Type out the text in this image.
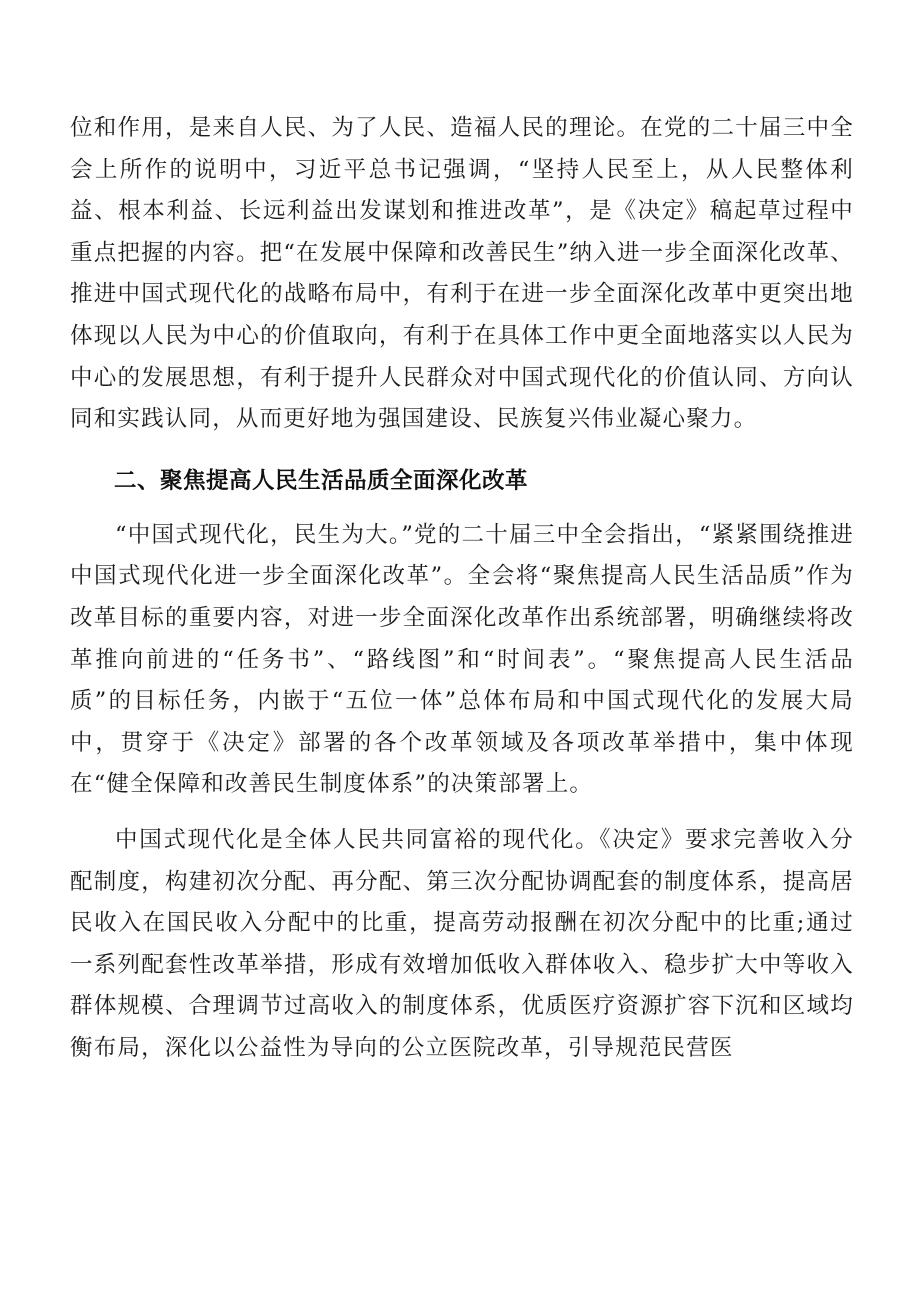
位和作用，是来自人民、为了人民、造福人民的理论。在党的二十届三中全会上所作的说明中，习近平总书记强调，“坚持人民至上，从人民整体利益、根本利益、长远利益出发谋划和推进改革”，是《决定》稿起草过程中重点把握的内容。把“在发展中保障和改善民生”纳入进一步全面深化改革、推进中国式现代化的战略布局中，有利于在进一步全面深化改革中更突出地体现以人民为中心的价值取向，有利于在具体工作中更全面地落实以人民为中心的发展思想，有利于提升人民群众对中国式现代化的价值认同、方向认同和实践认同，从而更好地为强国建设、民族复兴伟业凝心聚力。

二、聚焦提高人民生活品质全面深化改革

“中国式现代化，民生为大。”党的二十届三中全会指出，“紧紧围绕推进中国式现代化进一步全面深化改革”。全会将“聚焦提高人民生活品质”作为改革目标的重要内容，对进一步全面深化改革作出系统部署，明确继续将改革推向前进的“任务书”、“路线图”和“时间表”。“聚焦提高人民生活品质”的目标任务，内嵌于“五位一体”总体布局和中国式现代化的发展大局中，贯穿于《决定》部署的各个改革领域及各项改革举措中，集中体现在“健全保障和改善民生制度体系”的决策部署上。

中国式现代化是全体人民共同富裕的现代化。《决定》要求完善收入分配制度，构建初次分配、再分配、第三次分配协调配套的制度体系，提高居民收入在国民收入分配中的比重，提高劳动报酬在初次分配中的比重;通过一系列配套性改革举措，形成有效增加低收入群体收入、稳步扩大中等收入群体规模、合理调节过高收入的制度体系，优质医疗资源扩容下沉和区域均衡布局，深化以公益性为导向的公立医院改革，引导规范民营医
